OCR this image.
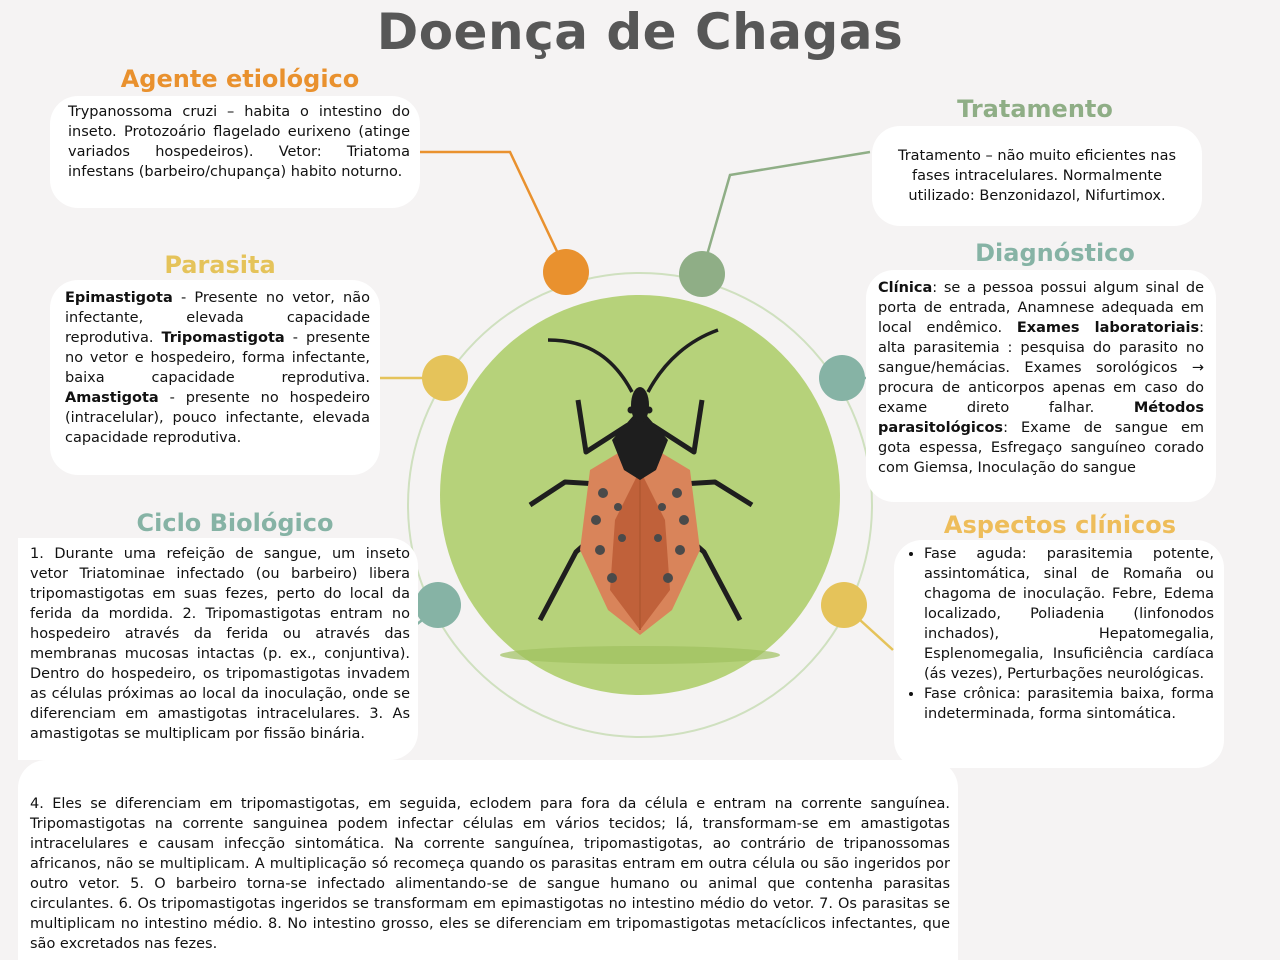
Doença de Chagas
Agente etiológico
Trypanossoma cruzi – habita o intestino do inseto. Protozoário flagelado eurixeno (atinge variados hospedeiros). Vetor: Triatoma infestans (barbeiro/chupança) habito noturno.
Tratamento
Tratamento – não muito eficientes nas fases intracelulares. Normalmente utilizado: Benzonidazol, Nifurtimox.
Parasita
Epimastigota - Presente no vetor, não infectante, elevada capacidade reprodutiva. Tripomastigota - presente no vetor e hospedeiro, forma infectante, baixa capacidade reprodutiva. Amastigota - presente no hospedeiro (intracelular), pouco infectante, elevada capacidade reprodutiva.
Diagnóstico
Clínica: se a pessoa possui algum sinal de porta de entrada, Anamnese adequada em local endêmico. Exames laboratoriais: alta parasitemia : pesquisa do parasito no sangue/hemácias. Exames sorológicos → procura de anticorpos apenas em caso do exame direto falhar. Métodos parasitológicos: Exame de sangue em gota espessa, Esfregaço sanguíneo corado com Giemsa, Inoculação do sangue
Ciclo Biológico
1. Durante uma refeição de sangue, um inseto vetor Triatominae infectado (ou barbeiro) libera tripomastigotas em suas fezes, perto do local da ferida da mordida. 2. Tripomastigotas entram no hospedeiro através da ferida ou através das membranas mucosas intactas (p. ex., conjuntiva). Dentro do hospedeiro, os tripomastigotas invadem as células próximas ao local da inoculação, onde se diferenciam em amastigotas intracelulares. 3. As amastigotas se multiplicam por fissão binária.
Aspectos clínicos
• Fase aguda: parasitemia potente, assintomática, sinal de Romaña ou chagoma de inoculação. Febre, Edema localizado, Poliadenia (linfonodos inchados), Hepatomegalia, Esplenomegalia, Insuficiência cardíaca (ás vezes), Perturbações neurológicas.
• Fase crônica: parasitemia baixa, forma indeterminada, forma sintomática.
4. Eles se diferenciam em tripomastigotas, em seguida, eclodem para fora da célula e entram na corrente sanguínea. Tripomastigotas na corrente sanguinea podem infectar células em vários tecidos; lá, transformam-se em amastigotas intracelulares e causam infecção sintomática. Na corrente sanguínea, tripomastigotas, ao contrário de tripanossomas africanos, não se multiplicam. A multiplicação só recomeça quando os parasitas entram em outra célula ou são ingeridos por outro vetor. 5. O barbeiro torna-se infectado alimentando-se de sangue humano ou animal que contenha parasitas circulantes. 6. Os tripomastigotas ingeridos se transformam em epimastigotas no intestino médio do vetor. 7. Os parasitas se multiplicam no intestino médio. 8. No intestino grosso, eles se diferenciam em tripomastigotas metacíclicos infectantes, que são excretados nas fezes.
